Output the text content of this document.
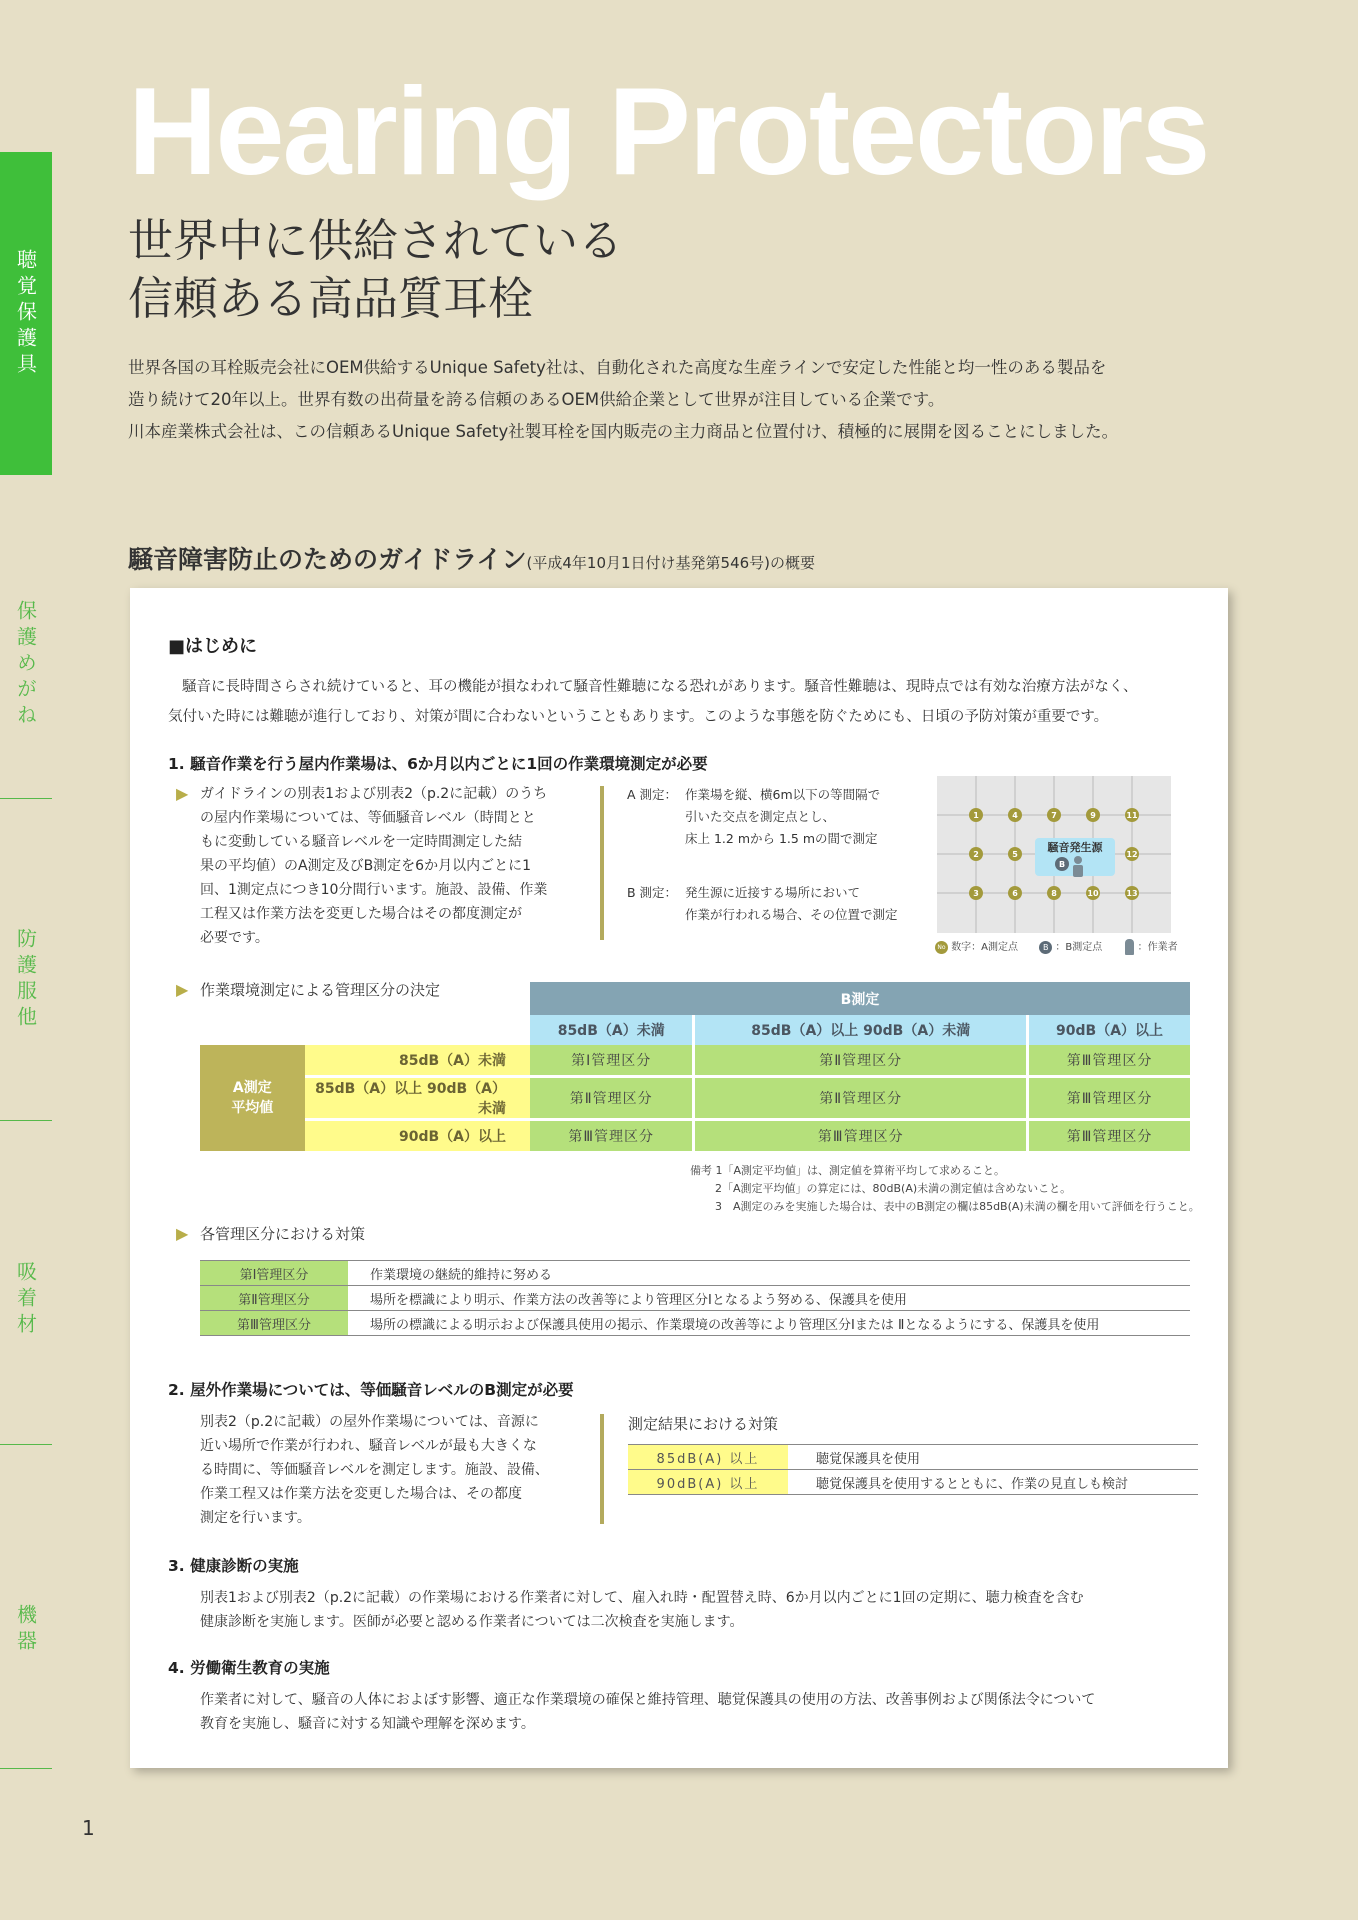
聴覚保護具
保護めがね
防護服他
吸着材
機器
Hearing Protectors
世界中に供給されている
信頼ある高品質耳栓

世界各国の耳栓販売会社にOEM供給するUnique Safety社は、自動化された高度な生産ラインで安定した性能と均一性のある製品を

造り続けて20年以上。世界有数の出荷量を誇る信頼のあるOEM供給企業として世界が注目している企業です。

川本産業株式会社は、この信頼あるUnique Safety社製耳栓を国内販売の主力商品と位置付け、積極的に展開を図ることにしました。

騒音障害防止のためのガイドライン(平成4年10月1日付け基発第546号)の概要

■はじめに

騒音に長時間さらされ続けていると、耳の機能が損なわれて騒音性難聴になる恐れがあります。騒音性難聴は、現時点では有効な治療方法がなく、

気付いた時には難聴が進行しており、対策が間に合わないということもあります。このような事態を防ぐためにも、日頃の予防対策が重要です。

1. 騒音作業を行う屋内作業場は、6か月以内ごとに1回の作業環境測定が必要

▶ ガイドラインの別表1および別表2（p.2に記載）のうち

の屋内作業場については、等価騒音レベル（時間とと

もに変動している騒音レベルを一定時間測定した結

果の平均値）のA測定及びB測定を6か月以内ごとに1

回、1測定点につき10分間行います。施設、設備、作業

工程又は作業方法を変更した場合はその都度測定が

必要です。

A 測定： 作業場を縦、横6m以下の等間隔で
引いた交点を測定点とし、
床上 1.2 mから 1.5 mの間で測定
B 測定： 発生源に近接する場所において
作業が行われる場合、その位置で測定
騒音発生源
1	4	7	9	11
2	5	12
3	6	8	10	13
B
No 数字：A測定点	B ：B測定点	：作業者
▶ 作業環境測定による管理区分の決定

		B測定		
		85dB（A）未満	85dB（A）以上 90dB（A）未満	90dB（A）以上
A測定
平均値	85dB（A）未満	第Ⅰ管理区分	第Ⅱ管理区分	第Ⅲ管理区分
	85dB（A）以上 90dB（A）未満	第Ⅱ管理区分	第Ⅱ管理区分	第Ⅲ管理区分
	90dB（A）以上	第Ⅲ管理区分	第Ⅲ管理区分	第Ⅲ管理区分

備考 1「A測定平均値」は、測定値を算術平均して求めること。

2「A測定平均値」の算定には、80dB(A)未満の測定値は含めないこと。

3　A測定のみを実施した場合は、表中のB測定の欄は85dB(A)未満の欄を用いて評価を行うこと。

▶ 各管理区分における対策

第Ⅰ管理区分	作業環境の継続的維持に努める
第Ⅱ管理区分	場所を標識により明示、作業方法の改善等により管理区分Ⅰとなるよう努める、保護具を使用
第Ⅲ管理区分	場所の標識による明示および保護具使用の掲示、作業環境の改善等により管理区分Ⅰまたは Ⅱとなるようにする、保護具を使用

2. 屋外作業場については、等価騒音レベルのB測定が必要

別表2（p.2に記載）の屋外作業場については、音源に

近い場所で作業が行われ、騒音レベルが最も大きくな

る時間に、等価騒音レベルを測定します。施設、設備、

作業工程又は作業方法を変更した場合は、その都度

測定を行います。

測定結果における対策

85dB(A) 以上	聴覚保護具を使用
90dB(A) 以上	聴覚保護具を使用するとともに、作業の見直しも検討

3. 健康診断の実施

別表1および別表2（p.2に記載）の作業場における作業者に対して、雇入れ時・配置替え時、6か月以内ごとに1回の定期に、聴力検査を含む

健康診断を実施します。医師が必要と認める作業者については二次検査を実施します。

4. 労働衛生教育の実施

作業者に対して、騒音の人体におよぼす影響、適正な作業環境の確保と維持管理、聴覚保護具の使用の方法、改善事例および関係法令について

教育を実施し、騒音に対する知識や理解を深めます。

1
